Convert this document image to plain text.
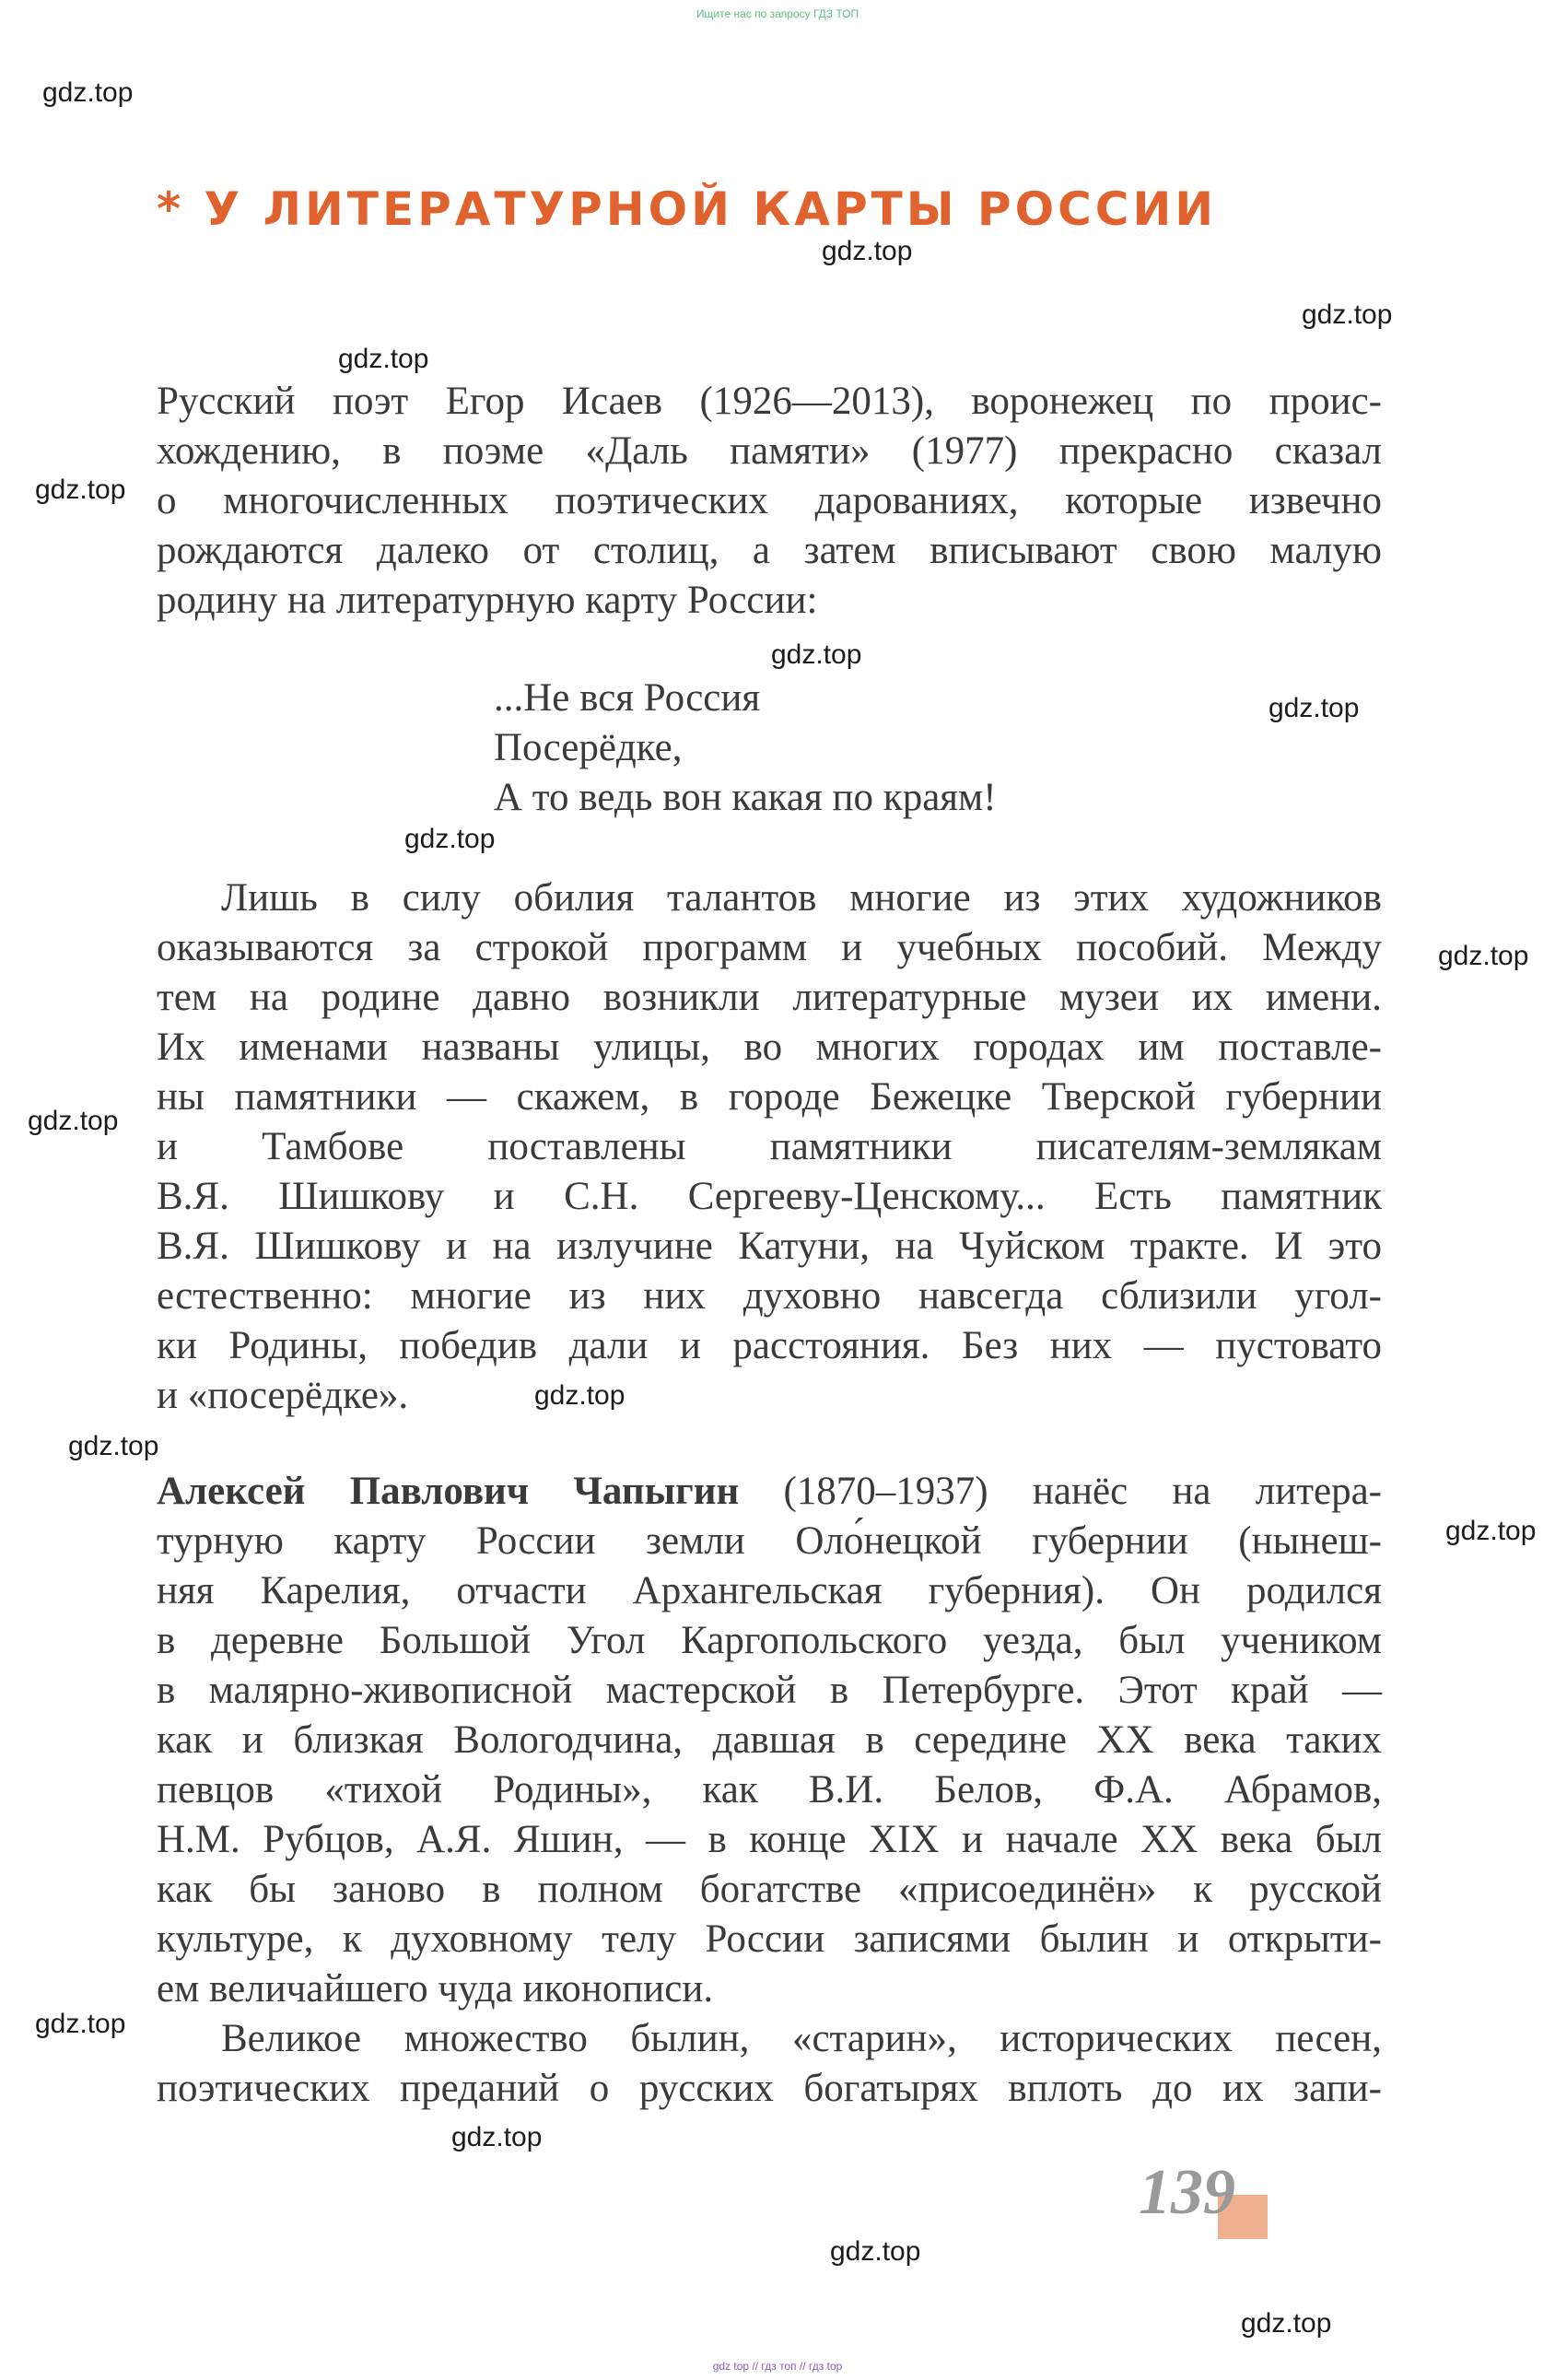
Ищите нас по запросу ГДЗ ТОП
* У ЛИТЕРАТУРНОЙ КАРТЫ РОССИИ
Русский поэт Егор Исаев (1926—2013), воронежец по проис-
хождению, в поэме «Даль памяти» (1977) прекрасно сказал
о многочисленных поэтических дарованиях, которые извечно
рождаются далеко от столиц, а затем вписывают свою малую
родину на литературную карту России:
...Не вся Россия
Посерёдке,
А то ведь вон какая по краям!
Лишь в силу обилия талантов многие из этих художников
оказываются за строкой программ и учебных пособий. Между
тем на родине давно возникли литературные музеи их имени.
Их именами названы улицы, во многих городах им поставле-
ны памятники — скажем, в городе Бежецке Тверской губернии
и Тамбове поставлены памятники писателям-землякам
В.Я. Шишкову и С.Н. Сергееву-Ценскому... Есть памятник
В.Я. Шишкову и на излучине Катуни, на Чуйском тракте. И это
естественно: многие из них духовно навсегда сблизили угол-
ки Родины, победив дали и расстояния. Без них — пустовато
и «посерёдке».
Алексей Павлович Чапыгин (1870–1937) нанёс на литера-
турную карту России земли Оло́нецкой губернии (нынеш-
няя Карелия, отчасти Архангельская губерния). Он родился
в деревне Большой Угол Каргопольского уезда, был учеником
в малярно-живописной мастерской в Петербурге. Этот край —
как и близкая Вологодчина, давшая в середине XX века таких
певцов «тихой Родины», как В.И. Белов, Ф.А. Абрамов,
Н.М. Рубцов, А.Я. Яшин, — в конце XIX и начале XX века был
как бы заново в полном богатстве «присоединён» к русской
культуре, к духовному телу России записями былин и открыти-
ем величайшего чуда иконописи.
Великое множество былин, «старин», исторических песен,
поэтических преданий о русских богатырях вплоть до их запи-
gdz.top
gdz.top
gdz.top
gdz.top
gdz.top
gdz.top
gdz.top
gdz.top
gdz.top
gdz.top
gdz.top
gdz.top
gdz.top
gdz.top
gdz.top
gdz.top
gdz.top
139
gdz top // гдз топ // гдз top
